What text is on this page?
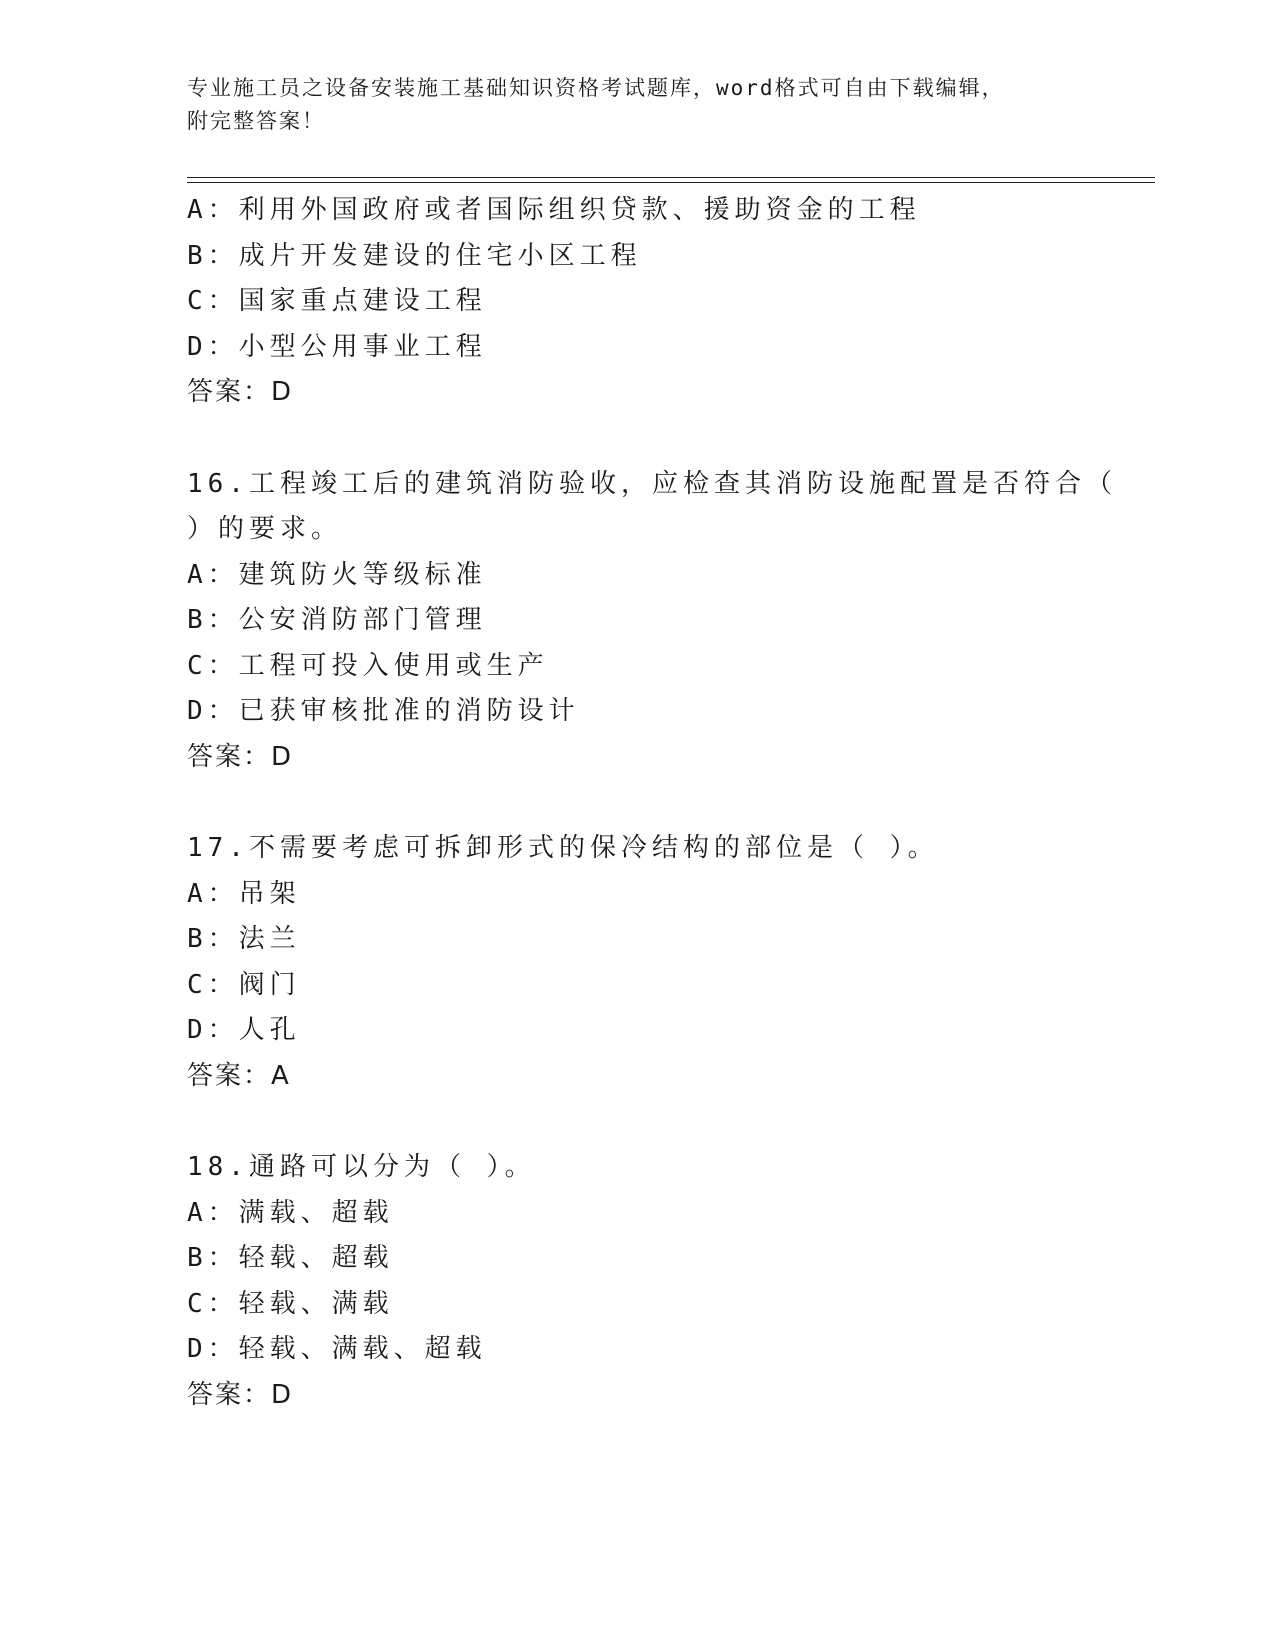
专业施工员之设备安装施工基础知识资格考试题库，word格式可自由下载编辑，
附完整答案！
A：利用外国政府或者国际组织贷款、援助资金的工程
B：成片开发建设的住宅小区工程
C：国家重点建设工程
D：小型公用事业工程
答案：D
16.工程竣工后的建筑消防验收，应检查其消防设施配置是否符合（
）的要求。
A：建筑防火等级标准
B：公安消防部门管理
C：工程可投入使用或生产
D：已获审核批准的消防设计
答案：D
17.不需要考虑可拆卸形式的保冷结构的部位是（ ）。
A：吊架
B：法兰
C：阀门
D：人孔
答案：A
18.通路可以分为（ ）。
A：满载、超载
B：轻载、超载
C：轻载、满载
D：轻载、满载、超载
答案：D
